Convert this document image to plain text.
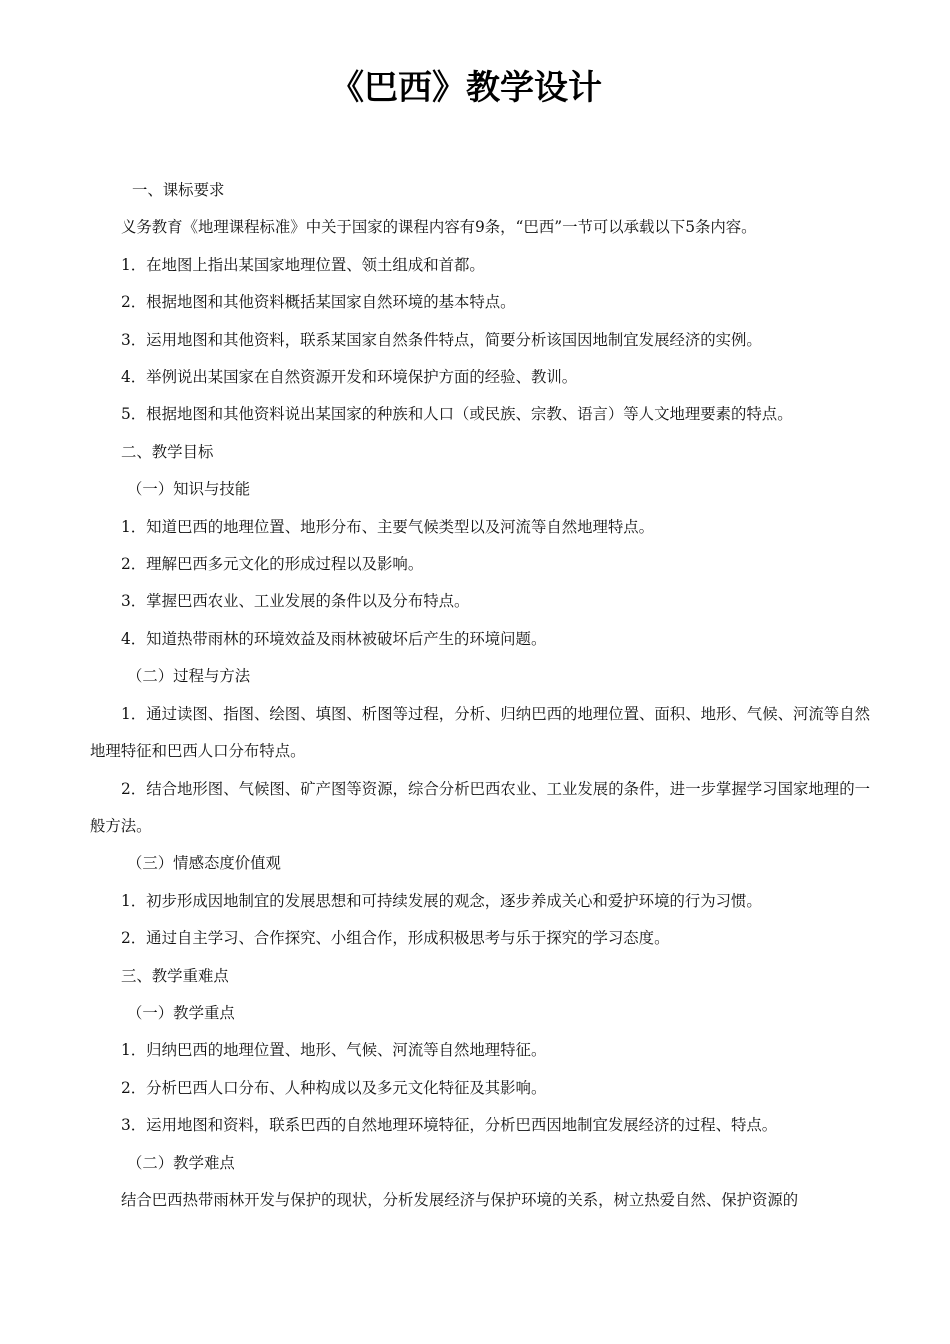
《巴西》教学设计

一、课标要求

义务教育《地理课程标准》中关于国家的课程内容有9条，“巴西”一节可以承载以下5条内容。

1．在地图上指出某国家地理位置、领土组成和首都。

2．根据地图和其他资料概括某国家自然环境的基本特点。

3．运用地图和其他资料，联系某国家自然条件特点，简要分析该国因地制宜发展经济的实例。

4．举例说出某国家在自然资源开发和环境保护方面的经验、教训。

5．根据地图和其他资料说出某国家的种族和人口（或民族、宗教、语言）等人文地理要素的特点。

二、教学目标

（一）知识与技能

1．知道巴西的地理位置、地形分布、主要气候类型以及河流等自然地理特点。

2．理解巴西多元文化的形成过程以及影响。

3．掌握巴西农业、工业发展的条件以及分布特点。

4．知道热带雨林的环境效益及雨林被破坏后产生的环境问题。

（二）过程与方法

1．通过读图、指图、绘图、填图、析图等过程，分析、归纳巴西的地理位置、面积、地形、气候、河流等自然地理特征和巴西人口分布特点。

2．结合地形图、气候图、矿产图等资源，综合分析巴西农业、工业发展的条件，进一步掌握学习国家地理的一般方法。

（三）情感态度价值观

1．初步形成因地制宜的发展思想和可持续发展的观念，逐步养成关心和爱护环境的行为习惯。

2．通过自主学习、合作探究、小组合作，形成积极思考与乐于探究的学习态度。

三、教学重难点

（一）教学重点

1．归纳巴西的地理位置、地形、气候、河流等自然地理特征。

2．分析巴西人口分布、人种构成以及多元文化特征及其影响。

3．运用地图和资料，联系巴西的自然地理环境特征，分析巴西因地制宜发展经济的过程、特点。

（二）教学难点

结合巴西热带雨林开发与保护的现状，分析发展经济与保护环境的关系，树立热爱自然、保护资源的
